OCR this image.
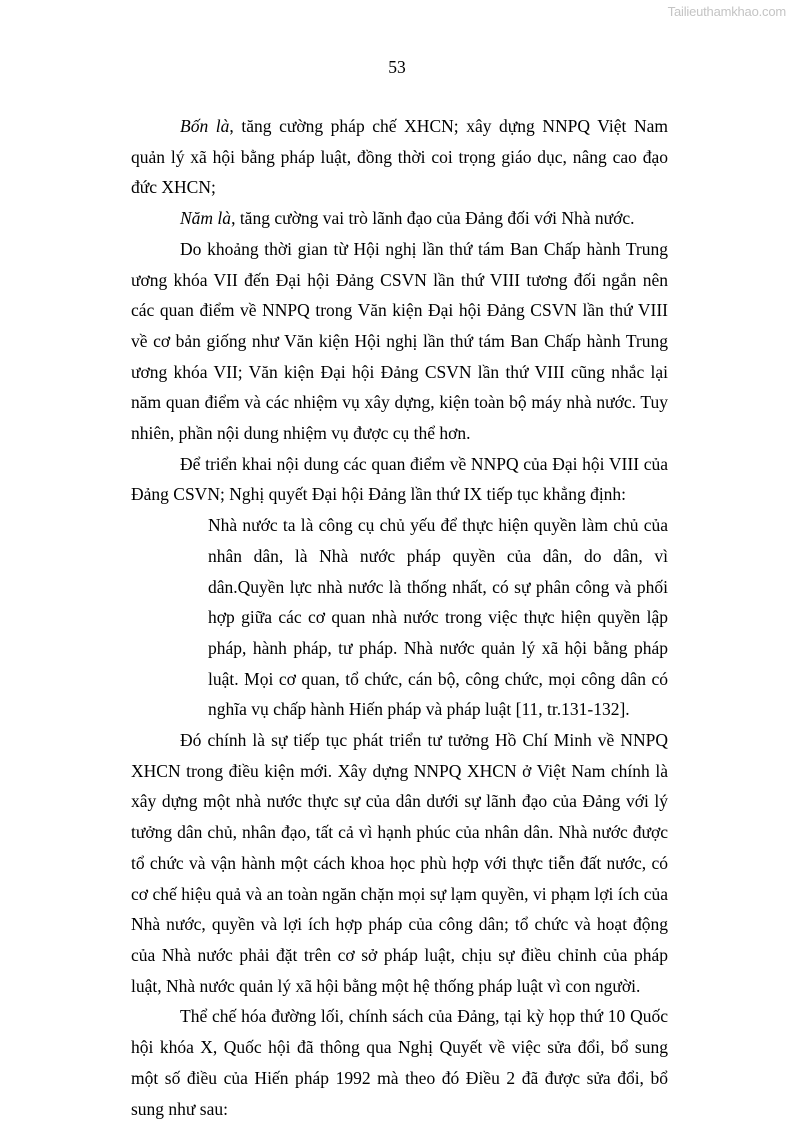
Tailieuthamkhao.com
53

Bốn là, tăng cường pháp chế XHCN; xây dựng NNPQ Việt Nam quản lý xã hội bằng pháp luật, đồng thời coi trọng giáo dục, nâng cao đạo đức XHCN;

Năm là, tăng cường vai trò lãnh đạo của Đảng đối với Nhà nước.

Do khoảng thời gian từ Hội nghị lần thứ tám Ban Chấp hành Trung ương khóa VII đến Đại hội Đảng CSVN lần thứ VIII tương đối ngắn nên các quan điểm về NNPQ trong Văn kiện Đại hội Đảng CSVN lần thứ VIII về cơ bản giống như Văn kiện Hội nghị lần thứ tám Ban Chấp hành Trung ương khóa VII; Văn kiện Đại hội Đảng CSVN lần thứ VIII cũng nhắc lại năm quan điểm và các nhiệm vụ xây dựng, kiện toàn bộ máy nhà nước. Tuy nhiên, phần nội dung nhiệm vụ được cụ thể hơn.

Để triển khai nội dung các quan điểm về NNPQ của Đại hội VIII của Đảng CSVN; Nghị quyết Đại hội Đảng lần thứ IX tiếp tục khẳng định:

Nhà nước ta là công cụ chủ yếu để thực hiện quyền làm chủ của nhân dân, là Nhà nước pháp quyền của dân, do dân, vì dân.Quyền lực nhà nước là thống nhất, có sự phân công và phối hợp giữa các cơ quan nhà nước trong việc thực hiện quyền lập pháp, hành pháp, tư pháp. Nhà nước quản lý xã hội bằng pháp luật. Mọi cơ quan, tổ chức, cán bộ, công chức, mọi công dân có nghĩa vụ chấp hành Hiến pháp và pháp luật [11, tr.131-132].

Đó chính là sự tiếp tục phát triển tư tưởng Hồ Chí Minh về NNPQ XHCN trong điều kiện mới. Xây dựng NNPQ XHCN ở Việt Nam chính là xây dựng một nhà nước thực sự của dân dưới sự lãnh đạo của Đảng với lý tưởng dân chủ, nhân đạo, tất cả vì hạnh phúc của nhân dân. Nhà nước được tổ chức và vận hành một cách khoa học phù hợp với thực tiễn đất nước, có cơ chế hiệu quả và an toàn ngăn chặn mọi sự lạm quyền, vi phạm lợi ích của Nhà nước, quyền và lợi ích hợp pháp của công dân; tổ chức và hoạt động của Nhà nước phải đặt trên cơ sở pháp luật, chịu sự điều chỉnh của pháp luật, Nhà nước quản lý xã hội bằng một hệ thống pháp luật vì con người.

Thể chế hóa đường lối, chính sách của Đảng, tại kỳ họp thứ 10 Quốc hội khóa X, Quốc hội đã thông qua Nghị Quyết về việc sửa đổi, bổ sung một số điều của Hiến pháp 1992 mà theo đó Điều 2 đã được sửa đổi, bổ sung như sau:
